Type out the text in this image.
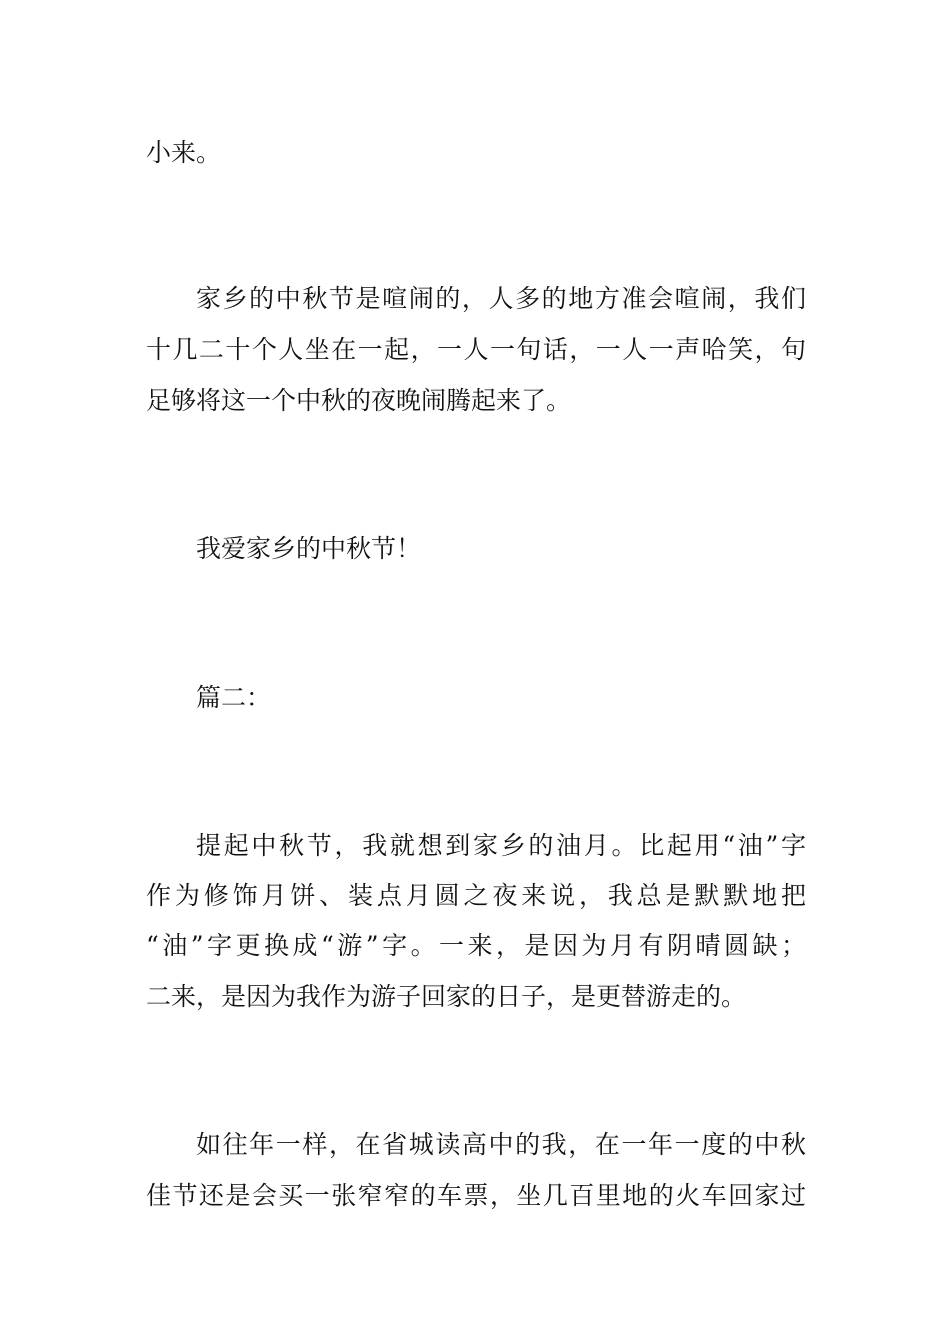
小来。
家乡的中秋节是喧闹的，人多的地方准会喧闹，我们
十几二十个人坐在一起，一人一句话，一人一声哈笑，句
足够将这一个中秋的夜晚闹腾起来了。
我爱家乡的中秋节！
篇二：
提起中秋节，我就想到家乡的油月。比起用“油”字
作为修饰月饼、装点月圆之夜来说，我总是默默地把
“油”字更换成“游”字。一来，是因为月有阴晴圆缺；
二来，是因为我作为游子回家的日子，是更替游走的。
如往年一样，在省城读高中的我，在一年一度的中秋
佳节还是会买一张窄窄的车票，坐几百里地的火车回家过
